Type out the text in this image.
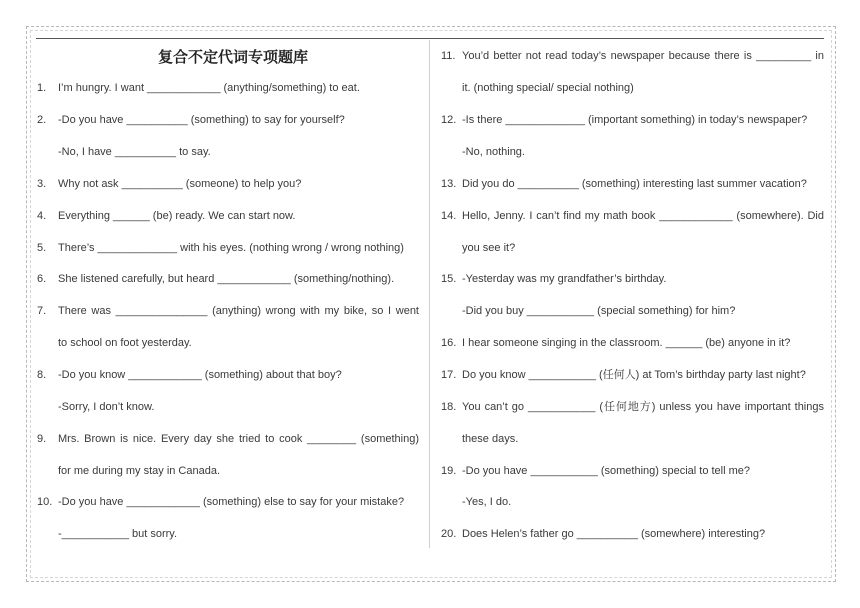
复合不定代词专项题库
1. I’m hungry. I want ____________ (anything/something) to eat.
2. -Do you have __________ (something) to say for yourself?
-No, I have __________ to say.
3. Why not ask __________ (someone) to help you?
4. Everything ______ (be) ready. We can start now.
5. There’s _____________ with his eyes. (nothing wrong / wrong nothing)
6. She listened carefully, but heard ____________ (something/nothing).
7. There was _______________ (anything) wrong with my bike, so I went
to school on foot yesterday.
8. -Do you know ____________ (something) about that boy?
-Sorry, I don’t know.
9. Mrs. Brown is nice. Every day she tried to cook ________ (something)
for me during my stay in Canada.
10. -Do you have ____________ (something) else to say for your mistake?
-___________ but sorry.
11. You’d better not read today’s newspaper because there is _________ in
it. (nothing special/ special nothing)
12. -Is there _____________ (important something) in today’s newspaper?
-No, nothing.
13. Did you do __________ (something) interesting last summer vacation?
14. Hello, Jenny. I can’t find my math book ____________ (somewhere). Did
you see it?
15. -Yesterday was my grandfather’s birthday.
-Did you buy ___________ (special something) for him?
16. I hear someone singing in the classroom. ______ (be) anyone in it?
17. Do you know ___________ (任何人) at Tom’s birthday party last night?
18. You can’t go ___________ (任何地方) unless you have important things
these days.
19. -Do you have ___________ (something) special to tell me?
-Yes, I do.
20. Does Helen’s father go __________ (somewhere) interesting?
